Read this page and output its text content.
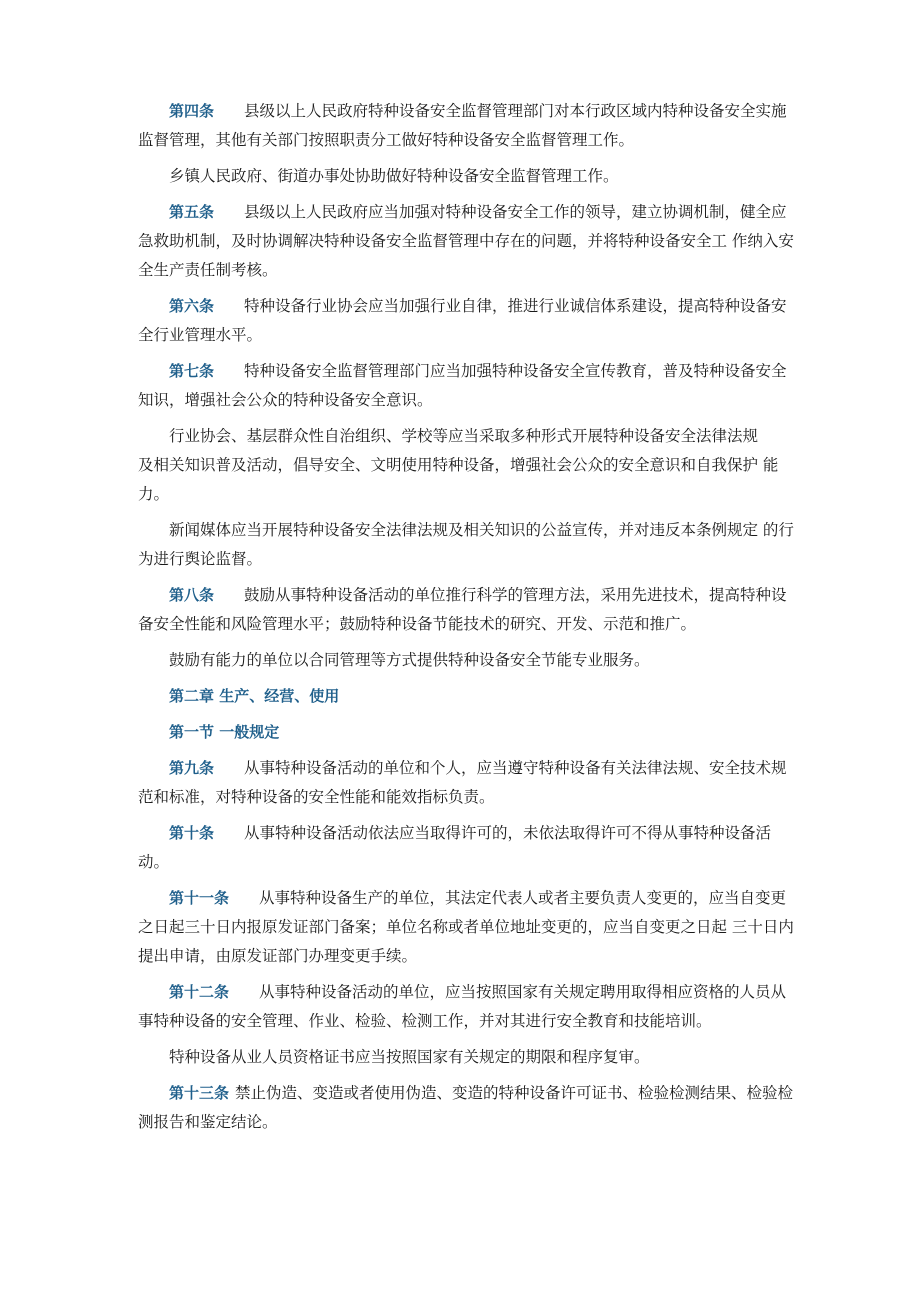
第四条 县级以上人民政府特种设备安全监督管理部门对本行政区域内特种设备安全实施监督管理，其他有关部门按照职责分工做好特种设备安全监督管理工作。

乡镇人民政府、街道办事处协助做好特种设备安全监督管理工作。

第五条 县级以上人民政府应当加强对特种设备安全工作的领导，建立协调机制，健全应急救助机制，及时协调解决特种设备安全监督管理中存在的问题，并将特种设备安全工 作纳入安全生产责任制考核。

第六条 特种设备行业协会应当加强行业自律，推进行业诚信体系建设，提高特种设备安全行业管理水平。

第七条 特种设备安全监督管理部门应当加强特种设备安全宣传教育，普及特种设备安全知识，增强社会公众的特种设备安全意识。

行业协会、基层群众性自治组织、学校等应当采取多种形式开展特种设备安全法律法规
及相关知识普及活动，倡导安全、文明使用特种设备，增强社会公众的安全意识和自我保护 能力。

新闻媒体应当开展特种设备安全法律法规及相关知识的公益宣传，并对违反本条例规定 的行为进行舆论监督。

第八条 鼓励从事特种设备活动的单位推行科学的管理方法，采用先进技术，提高特种设备安全性能和风险管理水平；鼓励特种设备节能技术的研究、开发、示范和推广。

鼓励有能力的单位以合同管理等方式提供特种设备安全节能专业服务。

第二章 生产、经营、使用

第一节 一般规定

第九条 从事特种设备活动的单位和个人，应当遵守特种设备有关法律法规、安全技术规范和标准，对特种设备的安全性能和能效指标负责。

第十条 从事特种设备活动依法应当取得许可的，未依法取得许可不得从事特种设备活动。

第十一条 从事特种设备生产的单位，其法定代表人或者主要负责人变更的，应当自变更之日起三十日内报原发证部门备案；单位名称或者单位地址变更的，应当自变更之日起 三十日内提出申请，由原发证部门办理变更手续。

第十二条 从事特种设备活动的单位，应当按照国家有关规定聘用取得相应资格的人员从事特种设备的安全管理、作业、检验、检测工作，并对其进行安全教育和技能培训。

特种设备从业人员资格证书应当按照国家有关规定的期限和程序复审。

第十三条 禁止伪造、变造或者使用伪造、变造的特种设备许可证书、检验检测结果、检验检测报告和鉴定结论。
